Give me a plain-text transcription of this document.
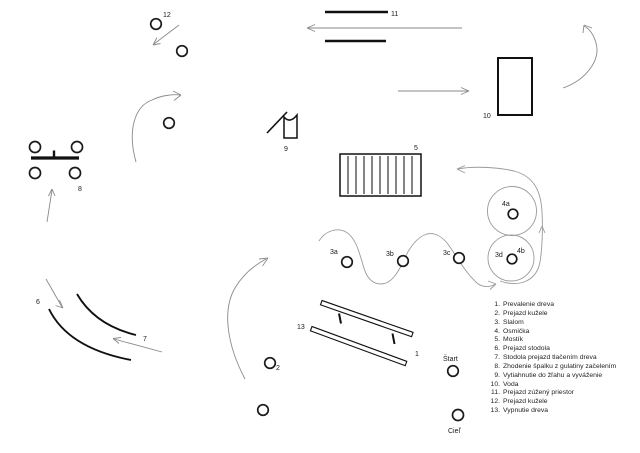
12	11
10
9	5
4a
4b
3a	3b	3c	3d
8
6
7
13
1
2
Štart
Cieľ
1. Prevalenie dreva
2. Prejazd kužele
3. Slalom
4. Osmička
5. Mostík
6. Prejazd stodola
7. Stodola prejazd tlačením dreva
8. Zhodenie špalku z gulatiny začelením
9. Vytiahnutie do žľahu a vyváženie
10. Voda
11. Prejazd zúžený priestor
12. Prejazd kužele
13. Vypnutie dreva
